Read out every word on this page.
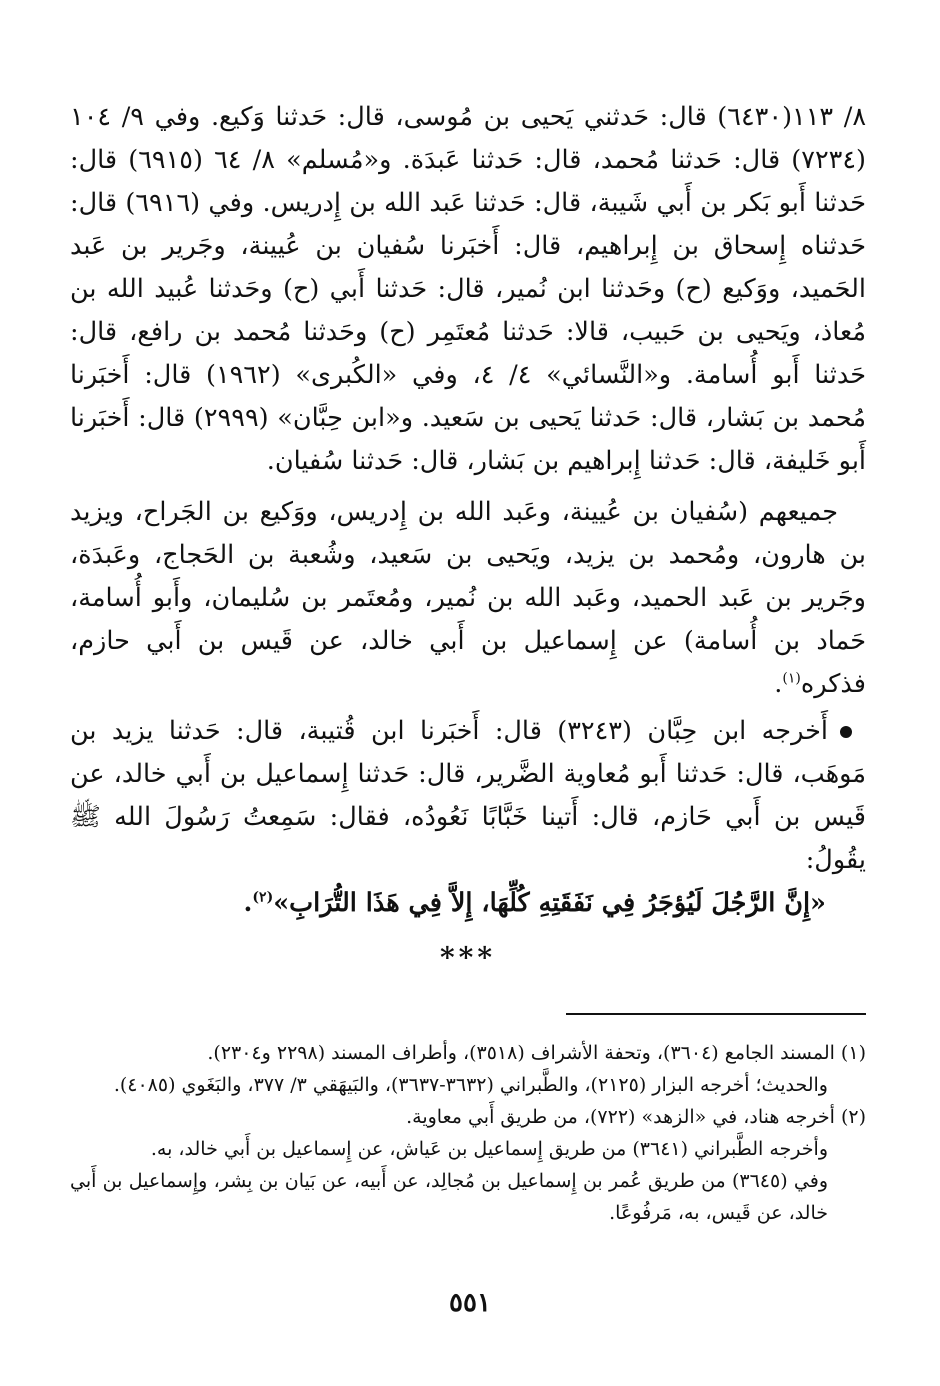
٨/ ١١٣(٦٤٣٠) قال: حَدثني يَحيى بن مُوسى، قال: حَدثنا وَكيع. وفي ٩/ ١٠٤ (٧٢٣٤) قال: حَدثنا مُحمد، قال: حَدثنا عَبدَة. و«مُسلم» ٨/ ٦٤ (٦٩١٥) قال: حَدثنا أَبو بَكر بن أَبي شَيبة، قال: حَدثنا عَبد الله بن إِدريس. وفي (٦٩١٦) قال: حَدثناه إِسحاق بن إِبراهيم، قال: أَخبَرنا سُفيان بن عُيينة، وجَرير بن عَبد الحَميد، ووَكيع (ح) وحَدثنا ابن نُمير، قال: حَدثنا أَبي (ح) وحَدثنا عُبيد الله بن مُعاذ، ويَحيى بن حَبيب، قالا: حَدثنا مُعتَمِر (ح) وحَدثنا مُحمد بن رافع، قال: حَدثنا أَبو أُسامة. و«النَّسائي» ٤/ ٤، وفي «الكُبرى» (١٩٦٢) قال: أَخبَرنا مُحمد بن بَشار، قال: حَدثنا يَحيى بن سَعيد. و«ابن حِبَّان» (٢٩٩٩) قال: أَخبَرنا أَبو خَليفة، قال: حَدثنا إِبراهيم بن بَشار، قال: حَدثنا سُفيان.

جميعهم (سُفيان بن عُيينة، وعَبد الله بن إِدريس، ووَكيع بن الجَراح، ويزيد بن هارون، ومُحمد بن يزيد، ويَحيى بن سَعيد، وشُعبة بن الحَجاج، وعَبدَة، وجَرير بن عَبد الحميد، وعَبد الله بن نُمير، ومُعتَمر بن سُليمان، وأَبو أُسامة، حَماد بن أُسامة) عن إِسماعيل بن أَبي خالد، عن قَيس بن أَبي حازم، فذكره$^{(١)}$.

أَخرجه ابن حِبَّان (٣٢٤٣) قال: أَخبَرنا ابن قُتيبة، قال: حَدثنا يزيد بن مَوهَب، قال: حَدثنا أَبو مُعاوية الضَّرير، قال: حَدثنا إِسماعيل بن أَبي خالد، عن قَيس بن أَبي حَازم، قال: أَتينا خَبَّابًا نَعُودُه، فقال: سَمِعتُ رَسُولَ الله ﷺ يقُولُ:

«إِنَّ الرَّجُلَ لَيُؤجَرُ فِي نَفَقَتِهِ كُلِّهَا، إِلاَّ فِي هَذَا التُّرَابِ»$^{(٢)}$.

***

(١) المسند الجامع (٣٦٠٤)، وتحفة الأشراف (٣٥١٨)، وأطراف المسند (٢٢٩٨ و٢٣٠٤).

والحديث؛ أخرجه البزار (٢١٢٥)، والطَّبراني (٣٦٣٢-٣٦٣٧)، والبَيهَقي ٣/ ٣٧٧، والبَغَوي (٤٠٨٥).

(٢) أخرجه هناد، في «الزهد» (٧٢٢)، من طريق أَبي معاوية.

وأخرجه الطَّبراني (٣٦٤١) من طريق إِسماعيل بن عَياش، عن إِسماعيل بن أَبي خالد، به.

وفي (٣٦٤٥) من طريق عُمر بن إِسماعيل بن مُجالِد، عن أَبيه، عن بَيان بن بِشر، وإِسماعيل بن أَبي خالد، عن قَيس، به، مَرفُوعًا.

٥٥١
